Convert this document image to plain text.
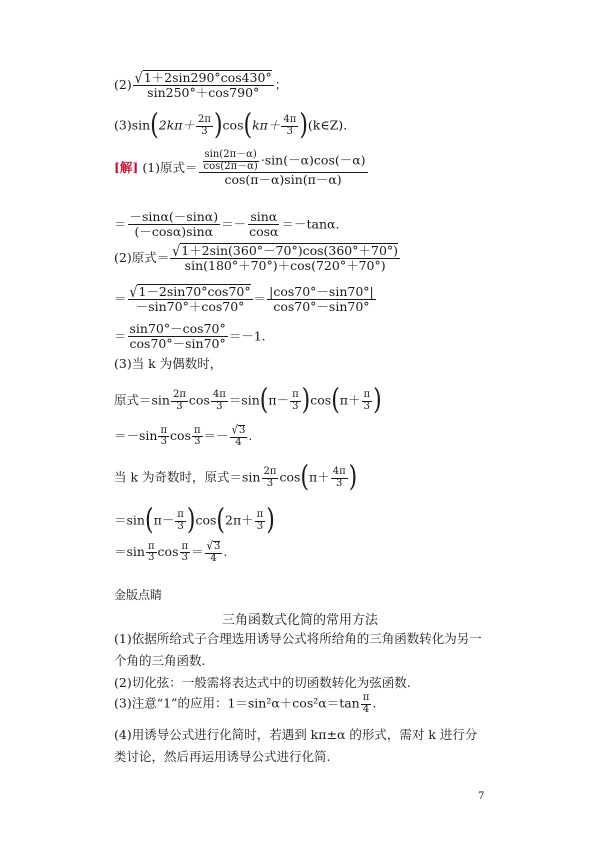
$(2) \frac{√1+2\sin 290^\circ\cos 430^\circ}{\sin 250^\circ+\cos 790^\circ}$ ；
$(3)\sin(2k\pi+ \frac{2\pi}{3} )\cos(k\pi+ \frac{4\pi}{3}$ )(k∈Z).
[解] (1)原式＝ $\frac{\frac{\sin(2\pi-\alpha)}{\cos(2\pi-\alpha)} \cdot\sin(-\alpha)\cos(-\alpha)}{\cos(\pi-\alpha)\sin(\pi-\alpha)}$
＝ $\frac{-\sin\alpha(-\sin\alpha)}{(-\cos\alpha)\sin\alpha} =- \frac{\sin\alpha}{\cos\alpha} =-\tan\alpha$.
(2)原式＝ $\frac{√1+2\sin(360^\circ-70^\circ)\cos(360^\circ+70^\circ)}{\sin(180^\circ+70^\circ)+\cos(720^\circ+70^\circ)}$
＝ $\frac{√1-2\sin 70^\circ\cos 70^\circ}{-\sin 70^\circ+\cos 70^\circ} = \frac{|\cos 70^\circ-\sin 70^\circ|}{\cos 70^\circ-\sin 70^\circ}$
＝ $\frac{\sin 70^\circ-\cos 70^\circ}{\cos 70^\circ-\sin 70^\circ} =-1$.
(3)当 k 为偶数时，
原式$=\sin \frac{2\pi}{3}$ $\cos \frac{4\pi}{3} =\sin(\pi- \frac{\pi}{3} )\cos(\pi+ \frac{\pi}{3}$ )
$=-\sin \frac{\pi}{3}$ $\cos \frac{\pi}{3} =- \frac{√3}{4}$ .
当 k 为奇数时，原式$=\sin \frac{2\pi}{3} \cos(\pi+ \frac{4\pi}{3}$ )
$=\sin(\pi- \frac{\pi}{3} )\cos(2\pi+ \frac{\pi}{3}$ )
$=\sin \frac{\pi}{3}$ $\cos \frac{\pi}{3} = \frac{√3}{4}$ .
金版点睛
三角函数式化简的常用方法
(1)依据所给式子合理选用诱导公式将所给角的三角函数转化为另一个角的三角函数.
(2)切化弦：一般需将表达式中的切函数转化为弦函数.
(3)注意“1”的应用：$1=\sin^2\alpha+\cos^2\alpha=\tan \frac{\pi}{4}$ .
(4)用诱导公式进行化简时，若遇到 kπ±α 的形式，需对 k 进行分类讨论，然后再运用诱导公式进行化简.
7
